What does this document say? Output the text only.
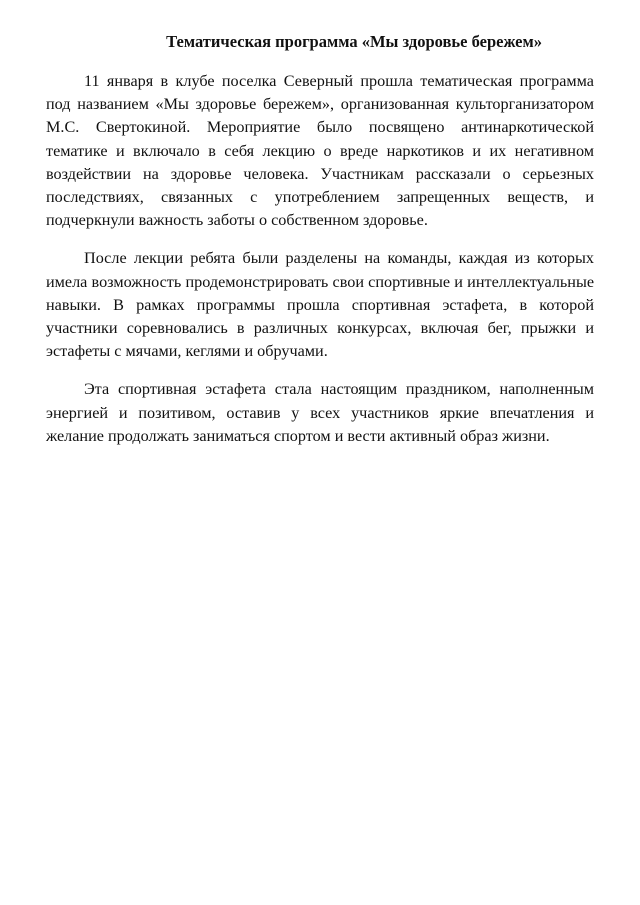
Тематическая программа «Мы здоровье бережем»

11 января в клубе поселка Северный прошла тематическая программа под названием «Мы здоровье бережем», организованная культорганизатором М.С. Свертокиной. Мероприятие было посвящено антинаркотической тематике и включало в себя лекцию о вреде наркотиков и их негативном воздействии на здоровье человека. Участникам рассказали о серьезных последствиях, связанных с употреблением запрещенных веществ, и подчеркнули важность заботы о собственном здоровье.

После лекции ребята были разделены на команды, каждая из которых имела возможность продемонстрировать свои спортивные и интеллектуальные навыки. В рамках программы прошла спортивная эстафета, в которой участники соревновались в различных конкурсах, включая бег, прыжки и эстафеты с мячами, кеглями и обручами.

Эта спортивная эстафета стала настоящим праздником, наполненным энергией и позитивом, оставив у всех участников яркие впечатления и желание продолжать заниматься спортом и вести активный образ жизни.
